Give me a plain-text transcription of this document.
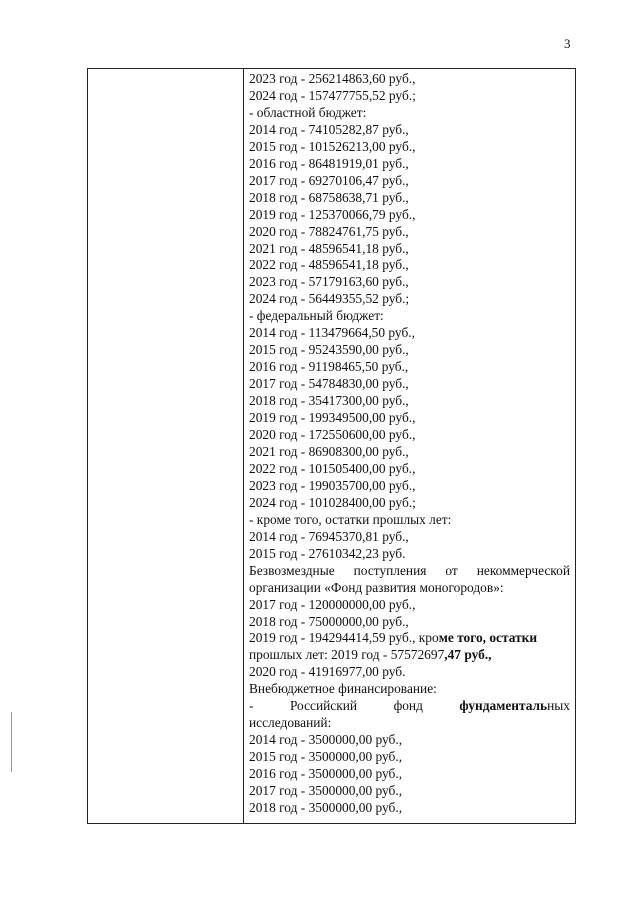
3
2023 год - 256214863,60 руб.,
2024 год - 157477755,52 руб.;
- областной бюджет:
2014 год - 74105282,87 руб.,
2015 год - 101526213,00 руб.,
2016 год - 86481919,01 руб.,
2017 год - 69270106,47 руб.,
2018 год - 68758638,71 руб.,
2019 год - 125370066,79 руб.,
2020 год - 78824761,75 руб.,
2021 год - 48596541,18 руб.,
2022 год - 48596541,18 руб.,
2023 год - 57179163,60 руб.,
2024 год - 56449355,52 руб.;
- федеральный бюджет:
2014 год - 113479664,50 руб.,
2015 год - 95243590,00 руб.,
2016 год - 91198465,50 руб.,
2017 год - 54784830,00 руб.,
2018 год - 35417300,00 руб.,
2019 год - 199349500,00 руб.,
2020 год - 172550600,00 руб.,
2021 год - 86908300,00 руб.,
2022 год - 101505400,00 руб.,
2023 год - 199035700,00 руб.,
2024 год - 101028400,00 руб.;
- кроме того, остатки прошлых лет:
2014 год - 76945370,81 руб.,
2015 год - 27610342,23 руб.
Безвозмездные поступления от некоммерческой
организации «Фонд развития моногородов»:
2017 год - 120000000,00 руб.,
2018 год - 75000000,00 руб.,
2019 год - 194294414,59 руб., кроме того, остатки
прошлых лет: 2019 год - 57572697,47 руб.,
2020 год - 41916977,00 руб.
Внебюджетное финансирование:
-	Российский	фонд	фундаментальных
исследований:
2014 год - 3500000,00 руб.,
2015 год - 3500000,00 руб.,
2016 год - 3500000,00 руб.,
2017 год - 3500000,00 руб.,
2018 год - 3500000,00 руб.,
